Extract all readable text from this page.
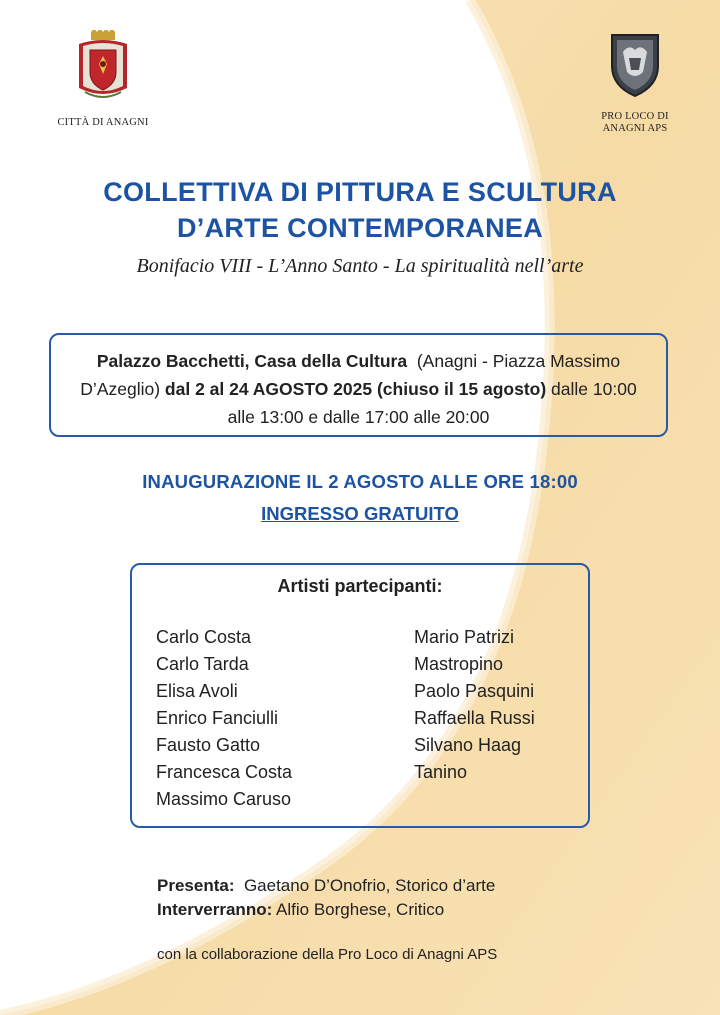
CITTÀ DI ANAGNI
PRO LOCO DI
ANAGNI APS
COLLETTIVA DI PITTURA E SCULTURA
D’ARTE CONTEMPORANEA
Bonifacio VIII - L’Anno Santo - La spiritualità nell’arte
Palazzo Bacchetti, Casa della Cultura (Anagni - Piazza Massimo D’Azeglio) dal 2 al 24 AGOSTO 2025 (chiuso il 15 agosto) dalle 10:00 alle 13:00 e dalle 17:00 alle 20:00
INAUGURAZIONE IL 2 AGOSTO ALLE ORE 18:00
INGRESSO GRATUITO
Artisti partecipanti:
Carlo Costa
Carlo Tarda
Elisa Avoli
Enrico Fanciulli
Fausto Gatto
Francesca Costa
Massimo Caruso
Mario Patrizi
Mastropino
Paolo Pasquini
Raffaella Russi
Silvano Haag
Tanino
Presenta: Gaetano D’Onofrio, Storico d’arte
Interverranno: Alfio Borghese, Critico
con la collaborazione della Pro Loco di Anagni APS
